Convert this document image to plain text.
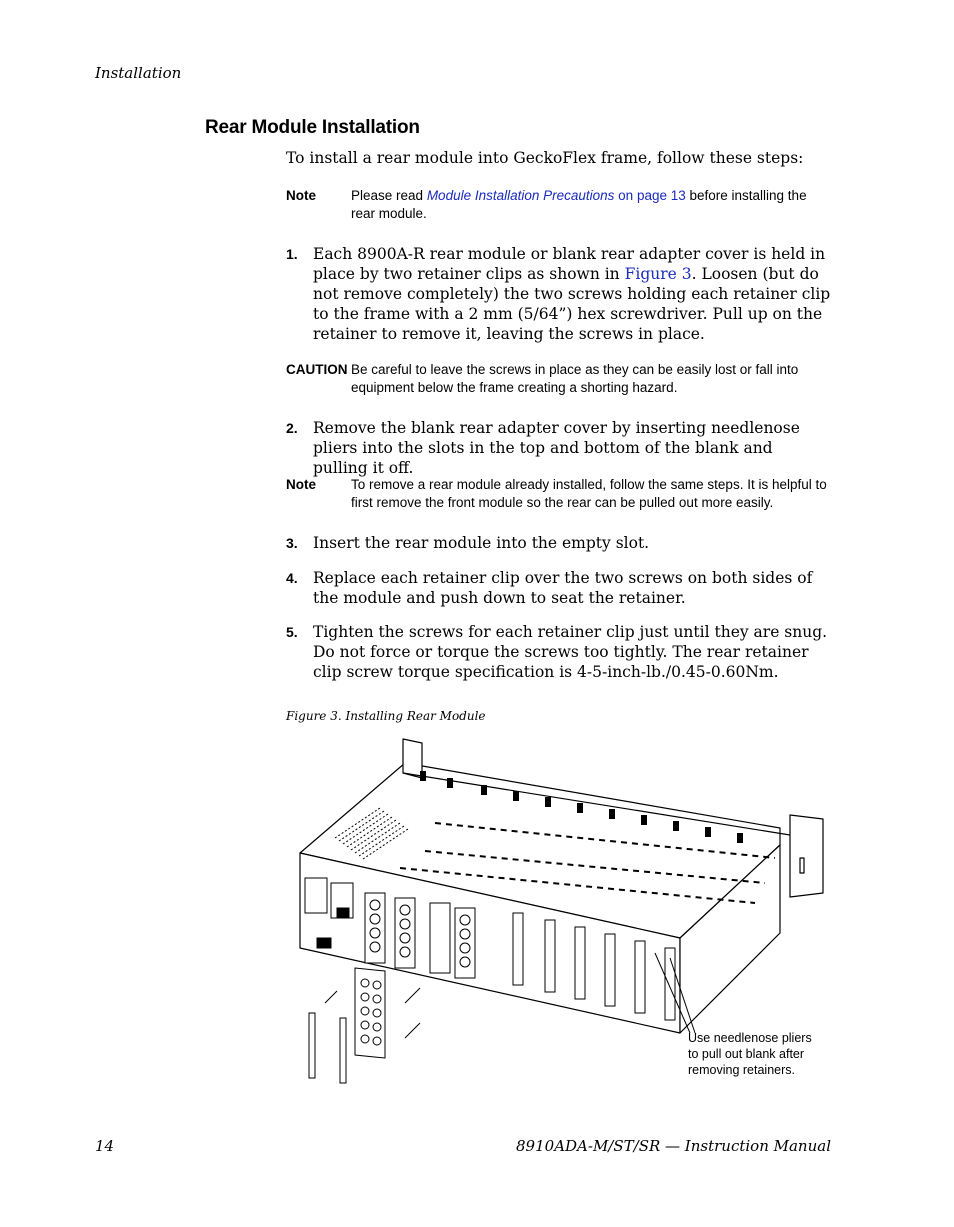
Installation
Rear Module Installation
To install a rear module into GeckoFlex frame, follow these steps:
Note	Please read Module Installation Precautions on page 13 before installing the rear module.
1. Each 8900A-R rear module or blank rear adapter cover is held in place by two retainer clips as shown in Figure 3. Loosen (but do not remove completely) the two screws holding each retainer clip to the frame with a 2 mm (5/64”) hex screwdriver. Pull up on the retainer to remove it, leaving the screws in place.
CAUTION Be careful to leave the screws in place as they can be easily lost or fall into equipment below the frame creating a shorting hazard.
2. Remove the blank rear adapter cover by inserting needlenose pliers into the slots in the top and bottom of the blank and pulling it off.
Note	To remove a rear module already installed, follow the same steps. It is helpful to first remove the front module so the rear can be pulled out more easily.
3. Insert the rear module into the empty slot.
4. Replace each retainer clip over the two screws on both sides of the module and push down to seat the retainer.
5. Tighten the screws for each retainer clip just until they are snug. Do not force or torque the screws too tightly. The rear retainer clip screw torque specification is 4-5-inch-lb./0.45-0.60Nm.
Figure 3. Installing Rear Module
Use needlenose pliers
to pull out blank after
removing retainers.
14	8910ADA-M/ST/SR — Instruction Manual
